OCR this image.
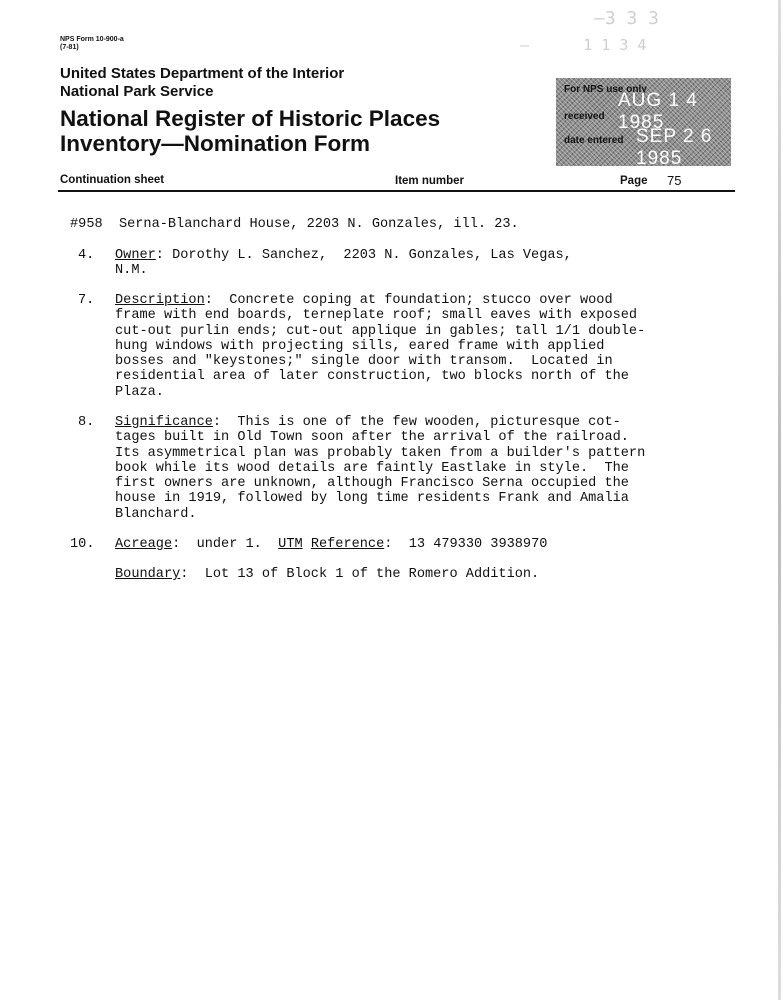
NPS Form 10-900-a
(7-81)
—3 3 3
—      1 1 3 4
United States Department of the Interior
National Park Service
National Register of Historic Places
Inventory—Nomination Form
For NPS use only
AUG 1 4 1985
received
date entered SEP 2 6 1985
Continuation sheet	Item number	Page 75
#958  Serna-Blanchard House, 2203 N. Gonzales, ill. 23.
4. Owner: Dorothy L. Sanchez,  2203 N. Gonzales, Las Vegas,
N.M.
7. Description:  Concrete coping at foundation; stucco over wood
frame with end boards, terneplate roof; small eaves with exposed
cut-out purlin ends; cut-out applique in gables; tall 1/1 double-
hung windows with projecting sills, eared frame with applied
bosses and "keystones;" single door with transom.  Located in
residential area of later construction, two blocks north of the
Plaza.
8. Significance:  This is one of the few wooden, picturesque cot-
tages built in Old Town soon after the arrival of the railroad.
Its asymmetrical plan was probably taken from a builder's pattern
book while its wood details are faintly Eastlake in style.  The
first owners are unknown, although Francisco Serna occupied the
house in 1919, followed by long time residents Frank and Amalia
Blanchard.
10. Acreage:  under 1.  UTM Reference:  13 479330 3938970
Boundary:  Lot 13 of Block 1 of the Romero Addition.
